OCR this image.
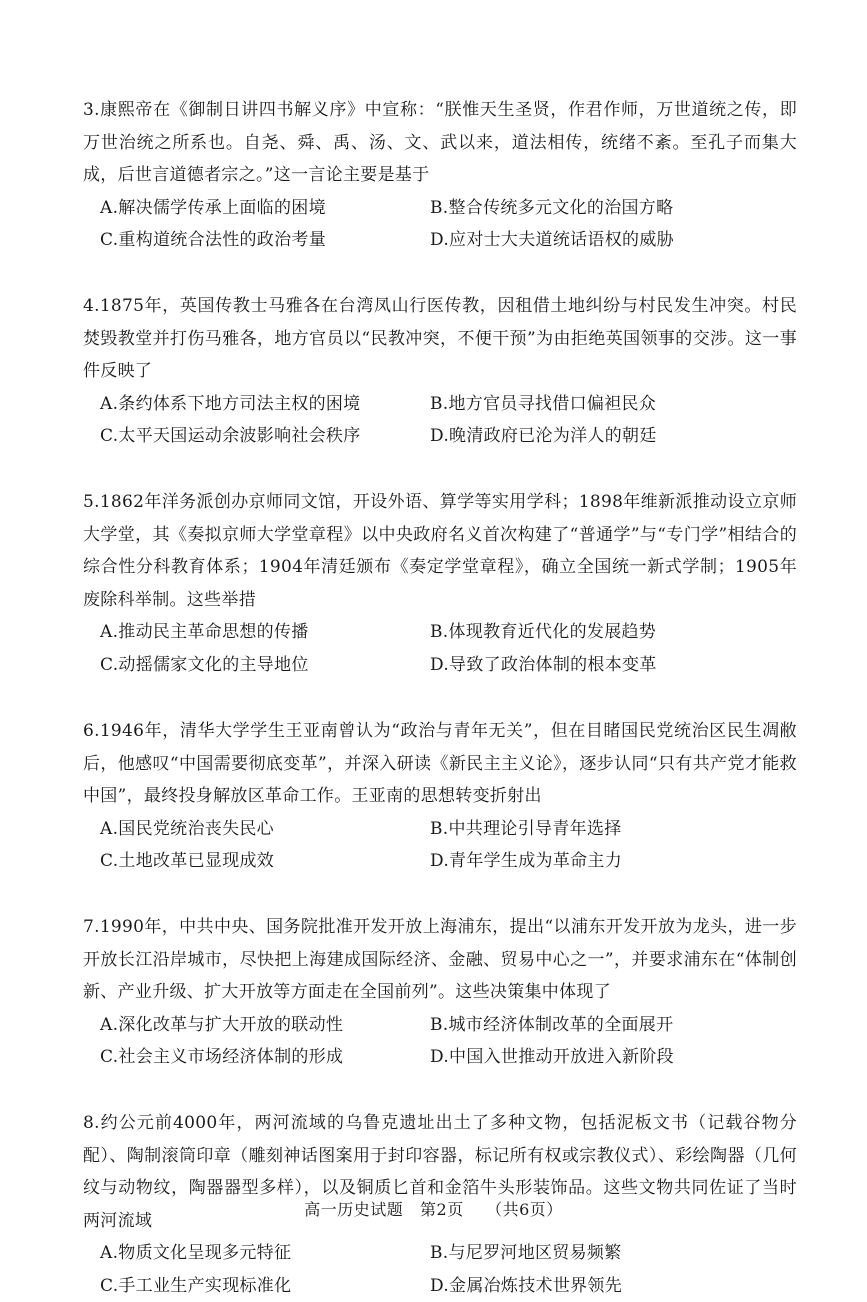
3.康熙帝在《御制日讲四书解义序》中宣称：“朕惟天生圣贤，作君作师，万世道统之传，即万世治统之所系也。自尧、舜、禹、汤、文、武以来，道法相传，统绪不紊。至孔子而集大成，后世言道德者宗之。”这一言论主要是基于

A.解决儒学传承上面临的困境	B.整合传统多元文化的治国方略
C.重构道统合法性的政治考量	D.应对士大夫道统话语权的威胁

4.1875年，英国传教士马雅各在台湾凤山行医传教，因租借土地纠纷与村民发生冲突。村民焚毁教堂并打伤马雅各，地方官员以“民教冲突，不便干预”为由拒绝英国领事的交涉。这一事件反映了

A.条约体系下地方司法主权的困境	B.地方官员寻找借口偏袒民众
C.太平天国运动余波影响社会秩序	D.晚清政府已沦为洋人的朝廷

5.1862年洋务派创办京师同文馆，开设外语、算学等实用学科；1898年维新派推动设立京师大学堂，其《奏拟京师大学堂章程》以中央政府名义首次构建了“普通学”与“专门学”相结合的综合性分科教育体系；1904年清廷颁布《奏定学堂章程》，确立全国统一新式学制；1905年废除科举制。这些举措

A.推动民主革命思想的传播	B.体现教育近代化的发展趋势
C.动摇儒家文化的主导地位	D.导致了政治体制的根本变革

6.1946年，清华大学学生王亚南曾认为“政治与青年无关”，但在目睹国民党统治区民生凋敝后，他感叹“中国需要彻底变革”，并深入研读《新民主主义论》，逐步认同“只有共产党才能救中国”，最终投身解放区革命工作。王亚南的思想转变折射出

A.国民党统治丧失民心	B.中共理论引导青年选择
C.土地改革已显现成效	D.青年学生成为革命主力

7.1990年，中共中央、国务院批准开发开放上海浦东，提出“以浦东开发开放为龙头，进一步开放长江沿岸城市，尽快把上海建成国际经济、金融、贸易中心之一”，并要求浦东在“体制创新、产业升级、扩大开放等方面走在全国前列”。这些决策集中体现了

A.深化改革与扩大开放的联动性	B.城市经济体制改革的全面展开
C.社会主义市场经济体制的形成	D.中国入世推动开放进入新阶段

8.约公元前4000年，两河流域的乌鲁克遗址出土了多种文物，包括泥板文书（记载谷物分配）、陶制滚筒印章（雕刻神话图案用于封印容器，标记所有权或宗教仪式）、彩绘陶器（几何纹与动物纹，陶器器型多样），以及铜质匕首和金箔牛头形装饰品。这些文物共同佐证了当时两河流域

A.物质文化呈现多元特征	B.与尼罗河地区贸易频繁
C.手工业生产实现标准化	D.金属冶炼技术世界领先
高一历史试题 第2页 （共6页）
